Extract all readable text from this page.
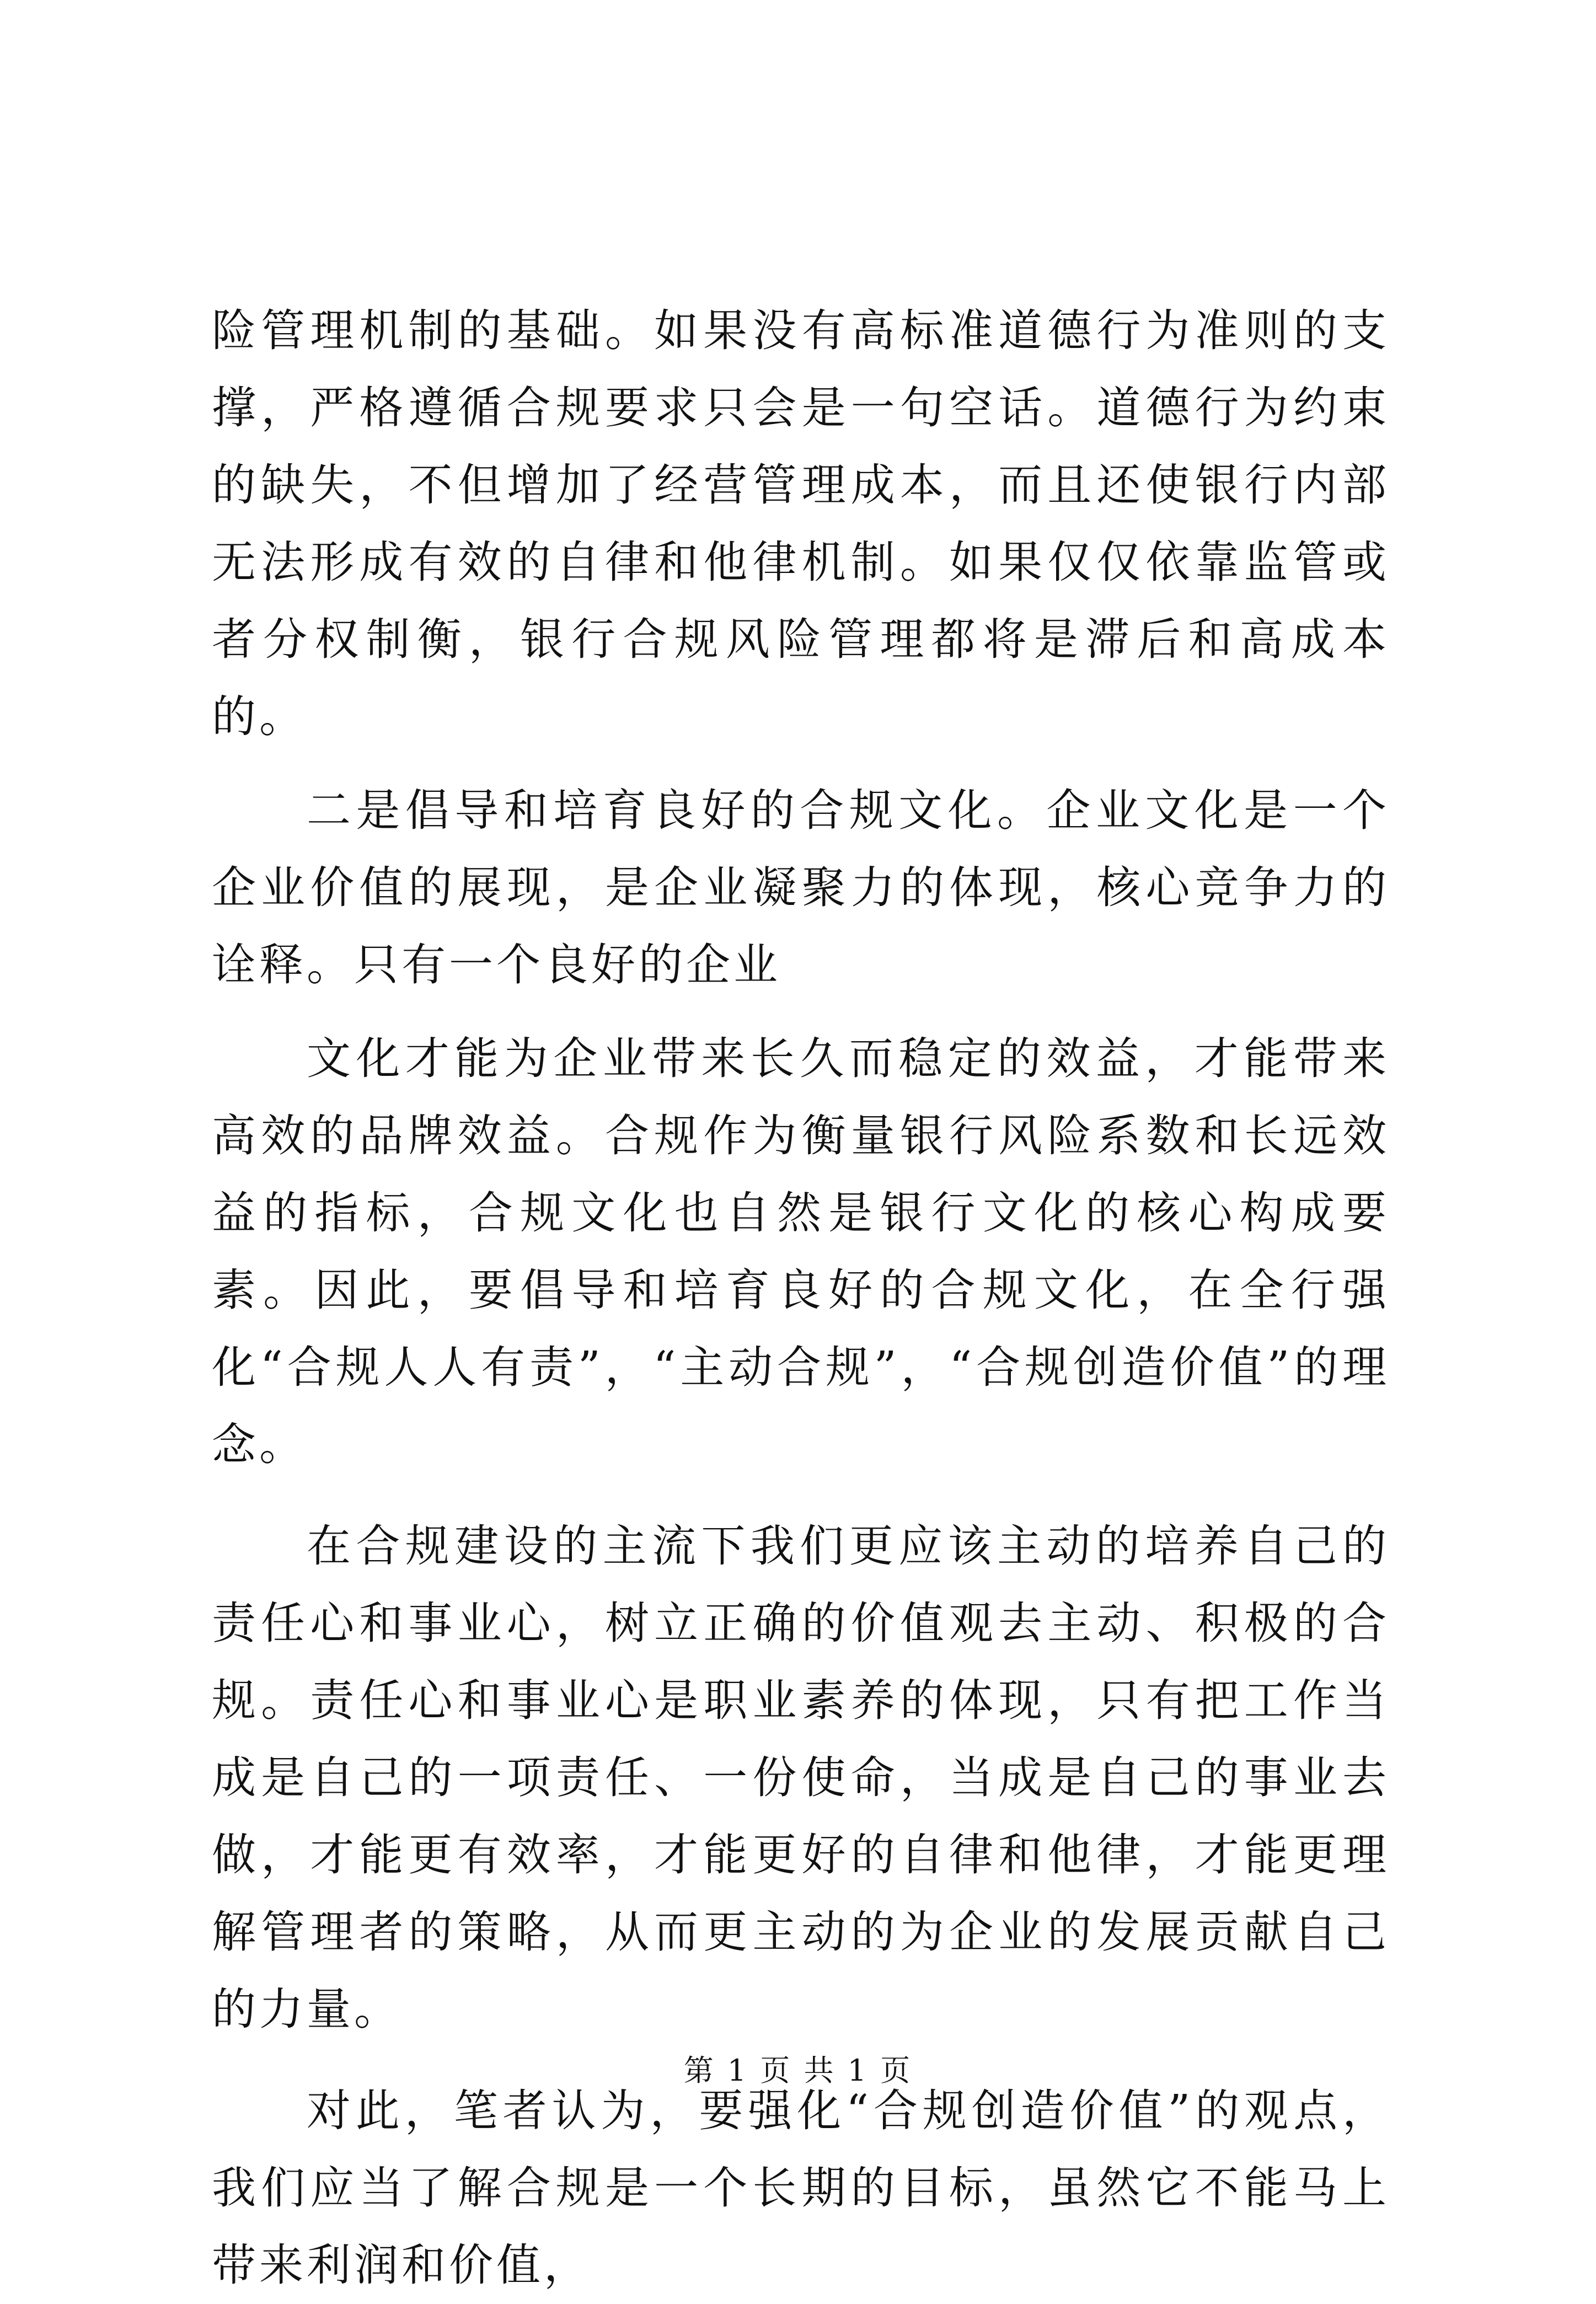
险管理机制的基础。如果没有高标准道德行为准则的支撑，严格遵循合规要求只会是一句空话。道德行为约束的缺失，不但增加了经营管理成本，而且还使银行内部无法形成有效的自律和他律机制。如果仅仅依靠监管或者分权制衡，银行合规风险管理都将是滞后和高成本的。

二是倡导和培育良好的合规文化。企业文化是一个企业价值的展现，是企业凝聚力的体现，核心竞争力的诠释。只有一个良好的企业

文化才能为企业带来长久而稳定的效益，才能带来高效的品牌效益。合规作为衡量银行风险系数和长远效益的指标，合规文化也自然是银行文化的核心构成要素。因此，要倡导和培育良好的合规文化，在全行强化“合规人人有责”，“主动合规”，“合规创造价值”的理念。

在合规建设的主流下我们更应该主动的培养自己的责任心和事业心，树立正确的价值观去主动、积极的合规。责任心和事业心是职业素养的体现，只有把工作当成是自己的一项责任、一份使命，当成是自己的事业去做，才能更有效率，才能更好的自律和他律，才能更理解管理者的策略，从而更主动的为企业的发展贡献自己的力量。

对此，笔者认为，要强化“合规创造价值”的观点，我们应当了解合规是一个长期的目标，虽然它不能马上带来利润和价值，

第 1 页 共 1 页
